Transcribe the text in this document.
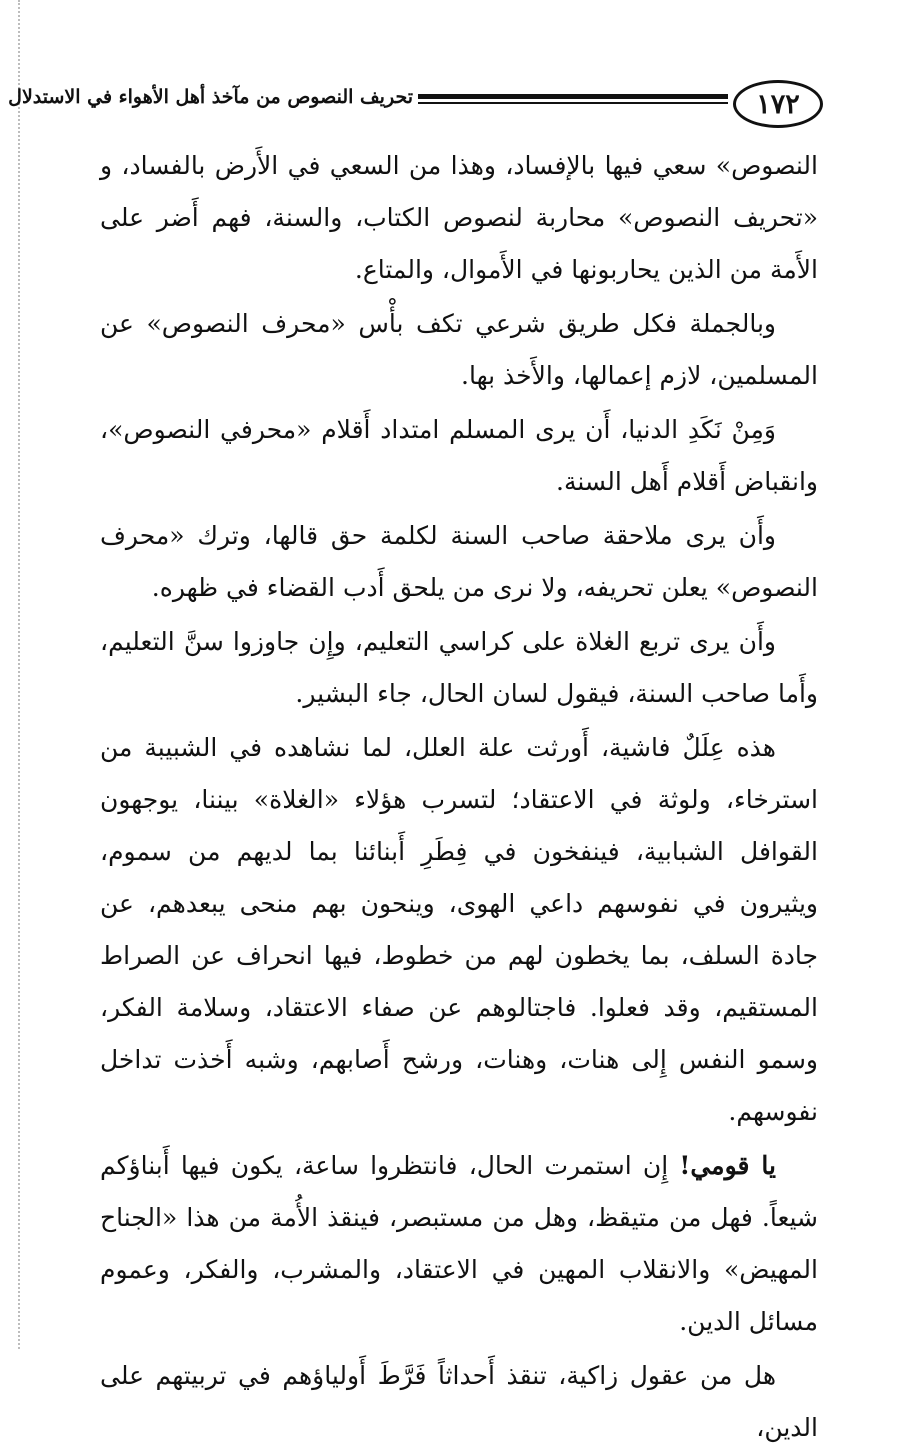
١٧٢
تحريف النصوص من مآخذ أهل الأهواء في الاستدلال

النصوص» سعي فيها بالإفساد، وهذا من السعي في الأَرض بالفساد، و «تحريف النصوص» محاربة لنصوص الكتاب، والسنة، فهم أَضر على الأَمة من الذين يحاربونها في الأَموال، والمتاع.

وبالجملة فكل طريق شرعي تكف بأْس «محرف النصوص» عن المسلمين، لازم إعمالها، والأَخذ بها.

وَمِنْ نَكَدِ الدنيا، أَن يرى المسلم امتداد أَقلام «محرفي النصوص»، وانقباض أَقلام أَهل السنة.

وأَن يرى ملاحقة صاحب السنة لكلمة حق قالها، وترك «محرف النصوص» يعلن تحريفه، ولا نرى من يلحق أَدب القضاء في ظهره.

وأَن يرى تربع الغلاة على كراسي التعليم، وإِن جاوزوا سنَّ التعليم، وأَما صاحب السنة، فيقول لسان الحال، جاء البشير.

هذه عِلَلٌ فاشية، أَورثت علة العلل، لما نشاهده في الشبيبة من استرخاء، ولوثة في الاعتقاد؛ لتسرب هؤلاء «الغلاة» بيننا، يوجهون القوافل الشبابية، فينفخون في فِطَرِ أَبنائنا بما لديهم من سموم، ويثيرون في نفوسهم داعي الهوى، وينحون بهم منحى يبعدهم، عن جادة السلف، بما يخطون لهم من خطوط، فيها انحراف عن الصراط المستقيم، وقد فعلوا. فاجتالوهم عن صفاء الاعتقاد، وسلامة الفكر، وسمو النفس إِلى هنات، وهنات، ورشح أَصابهم، وشبه أَخذت تداخل نفوسهم.

يا قومي! إِن استمرت الحال، فانتظروا ساعة، يكون فيها أَبناؤكم شيعاً. فهل من متيقظ، وهل من مستبصر، فينقذ الأُمة من هذا «الجناح المهيض» والانقلاب المهين في الاعتقاد، والمشرب، والفكر، وعموم مسائل الدين.

هل من عقول زاكية، تنقذ أَحداثاً فَرَّطَ أَولياؤهم في تربيتهم على الدين،
